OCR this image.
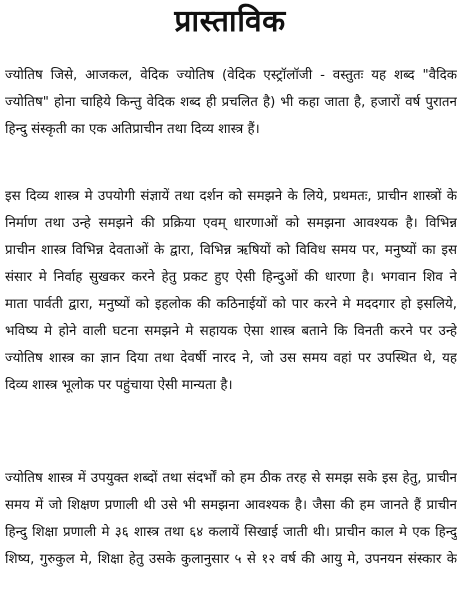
प्रास्ताविक
ज्योतिष जिसे, आजकल, वेदिक ज्योतिष (वेदिक एस्ट्रॉलॉजी - वस्तुतः यह शब्द "वैदिक
ज्योतिष" होना चाहिये किन्तु वेदिक शब्द ही प्रचलित है) भी कहा जाता है, हजारों वर्ष पुरातन
हिन्दु संस्कृती का एक अतिप्राचीन तथा दिव्य शास्त्र हैं।
इस दिव्य शास्त्र मे उपयोगी संज्ञायें तथा दर्शन को समझने के लिये, प्रथमतः, प्राचीन शास्त्रों के
निर्माण तथा उन्हे समझने की प्रक्रिया एवम् धारणाओं को समझना आवश्यक है। विभिन्न
प्राचीन शास्त्र विभिन्न देवताओं के द्वारा, विभिन्न ऋषियों को विविध समय पर, मनुष्यों का इस
संसार मे निर्वाह सुखकर करने हेतु प्रकट हुए ऐसी हिन्दुओं की धारणा है। भगवान शिव ने
माता पार्वती द्वारा, मनुष्यों को इहलोक की कठिनाईयों को पार करने मे मददगार हो इसलिये,
भविष्य मे होने वाली घटना समझने मे सहायक ऐसा शास्त्र बताने कि विनती करने पर उन्हे
ज्योतिष शास्त्र का ज्ञान दिया तथा देवर्षी नारद ने, जो उस समय वहां पर उपस्थित थे, यह
दिव्य शास्त्र भूलोक पर पहुंचाया ऐसी मान्यता है।
ज्योतिष शास्त्र में उपयुक्त शब्दों तथा संदर्भों को हम ठीक तरह से समझ सके इस हेतु, प्राचीन
समय में जो शिक्षण प्रणाली थी उसे भी समझना आवश्यक है। जैसा की हम जानते हैं प्राचीन
हिन्दु शिक्षा प्रणाली मे ३६ शास्त्र तथा ६४ कलायें सिखाई जाती थी। प्राचीन काल मे एक हिन्दु
शिष्य, गुरुकुल मे, शिक्षा हेतु उसके कुलानुसार ५ से १२ वर्ष की आयु मे, उपनयन संस्कार के
